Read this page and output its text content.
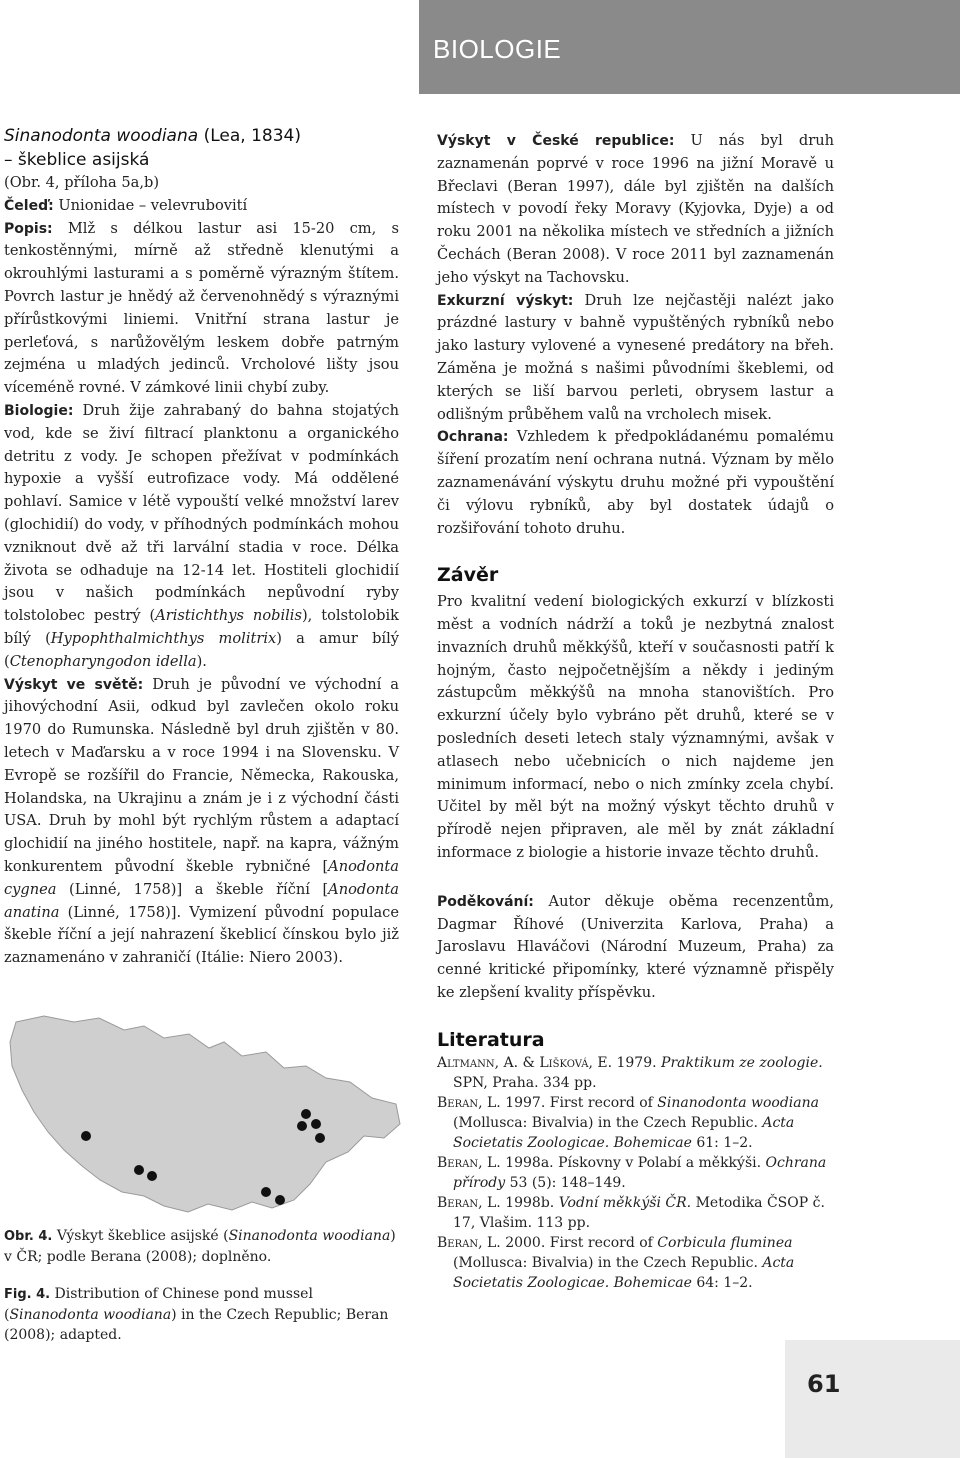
BIOLOGIE
Sinanodonta woodiana (Lea, 1834)
– škeblice asijská

(Obr. 4, příloha 5a,b)

Čeleď: Unionidae – velevrubovití

Popis: Mlž s délkou lastur asi 15-20 cm, s tenkostěnnými, mírně až středně klenutými a okrouhlými lasturami a s poměrně výrazným štítem. Povrch lastur je hnědý až červenohnědý s výraznými přírůstkovými liniemi. Vnitřní strana lastur je perleťová, s narůžovělým leskem dobře patrným zejména u mladých jedinců. Vrcholové lišty jsou víceméně rovné. V zámkové linii chybí zuby.

Biologie: Druh žije zahrabaný do bahna stojatých vod, kde se živí filtrací planktonu a organického detritu z vody. Je schopen přežívat v podmínkách hypoxie a vyšší eutrofizace vody. Má oddělené pohlaví. Samice v létě vypouští velké množství larev (glochidií) do vody, v příhodných podmínkách mohou vzniknout dvě až tři larvální stadia v roce. Délka života se odhaduje na 12-14 let. Hostiteli glochidií jsou v našich podmínkách nepůvodní ryby tolstolobec pestrý (Aristichthys nobilis), tolstolobik bílý (Hypophthalmichthys molitrix) a amur bílý (Ctenopharyngodon idella).

Výskyt ve světě: Druh je původní ve východní a jihovýchodní Asii, odkud byl zavlečen okolo roku 1970 do Rumunska. Následně byl druh zjištěn v 80. letech v Maďarsku a v roce 1994 i na Slovensku. V Evropě se rozšířil do Francie, Německa, Rakouska, Holandska, na Ukrajinu a znám je i z východní části USA. Druh by mohl být rychlým růstem a adaptací glochidií na jiného hostitele, např. na kapra, vážným konkurentem původní škeble rybničné [Anodonta cygnea (Linné, 1758)] a škeble říční [Anodonta anatina (Linné, 1758)]. Vymizení původní populace škeble říční a její nahrazení škeblicí čínskou bylo již zaznamenáno v zahraničí (Itálie: Niero 2003).

Obr. 4. Výskyt škeblice asijské (Sinanodonta woodiana) v ČR; podle Berana (2008); doplněno.

Fig. 4. Distribution of Chinese pond mussel (Sinanodonta woodiana) in the Czech Republic; Beran (2008); adapted.

Výskyt v České republice: U nás byl druh zaznamenán poprvé v roce 1996 na jižní Moravě u Břeclavi (Beran 1997), dále byl zjištěn na dalších místech v povodí řeky Moravy (Kyjovka, Dyje) a od roku 2001 na několika místech ve středních a jižních Čechách (Beran 2008). V roce 2011 byl zaznamenán jeho výskyt na Tachovsku.

Exkurzní výskyt: Druh lze nejčastěji nalézt jako prázdné lastury v bahně vypuštěných rybníků nebo jako lastury vylovené a vynesené predátory na břeh. Záměna je možná s našimi původními škeblemi, od kterých se liší barvou perleti, obrysem lastur a odlišným průběhem valů na vrcholech misek.

Ochrana: Vzhledem k předpokládanému pomalému šíření prozatím není ochrana nutná. Význam by mělo zaznamenávání výskytu druhu možné při vypouštění či výlovu rybníků, aby byl dostatek údajů o rozšiřování tohoto druhu.

Závěr

Pro kvalitní vedení biologických exkurzí v blízkosti měst a vodních nádrží a toků je nezbytná znalost invazních druhů měkkýšů, kteří v současnosti patří k hojným, často nejpočetnějším a někdy i jediným zástupcům měkkýšů na mnoha stanovištích. Pro exkurzní účely bylo vybráno pět druhů, které se v posledních deseti letech staly významnými, avšak v atlasech nebo učebnicích o nich najdeme jen minimum informací, nebo o nich zmínky zcela chybí. Učitel by měl být na možný výskyt těchto druhů v přírodě nejen připraven, ale měl by znát základní informace z biologie a historie invaze těchto druhů.

Poděkování: Autor děkuje oběma recenzentům, Dagmar Říhové (Univerzita Karlova, Praha) a Jaroslavu Hlaváčovi (Národní Muzeum, Praha) za cenné kritické připomínky, které významně přispěly ke zlepšení kvality příspěvku.

Literatura

Altmann, A. & Lišková, E. 1979. Praktikum ze zoologie. SPN, Praha. 334 pp.

Beran, L. 1997. First record of Sinanodonta woodiana (Mollusca: Bivalvia) in the Czech Republic. Acta Societatis Zoologicae. Bohemicae 61: 1–2.

Beran, L. 1998a. Pískovny v Polabí a měkkýši. Ochrana přírody 53 (5): 148–149.

Beran, L. 1998b. Vodní měkkýši ČR. Metodika ČSOP č. 17, Vlašim. 113 pp.

Beran, L. 2000. First record of Corbicula fluminea (Mollusca: Bivalvia) in the Czech Republic. Acta Societatis Zoologicae. Bohemicae 64: 1–2.

61
